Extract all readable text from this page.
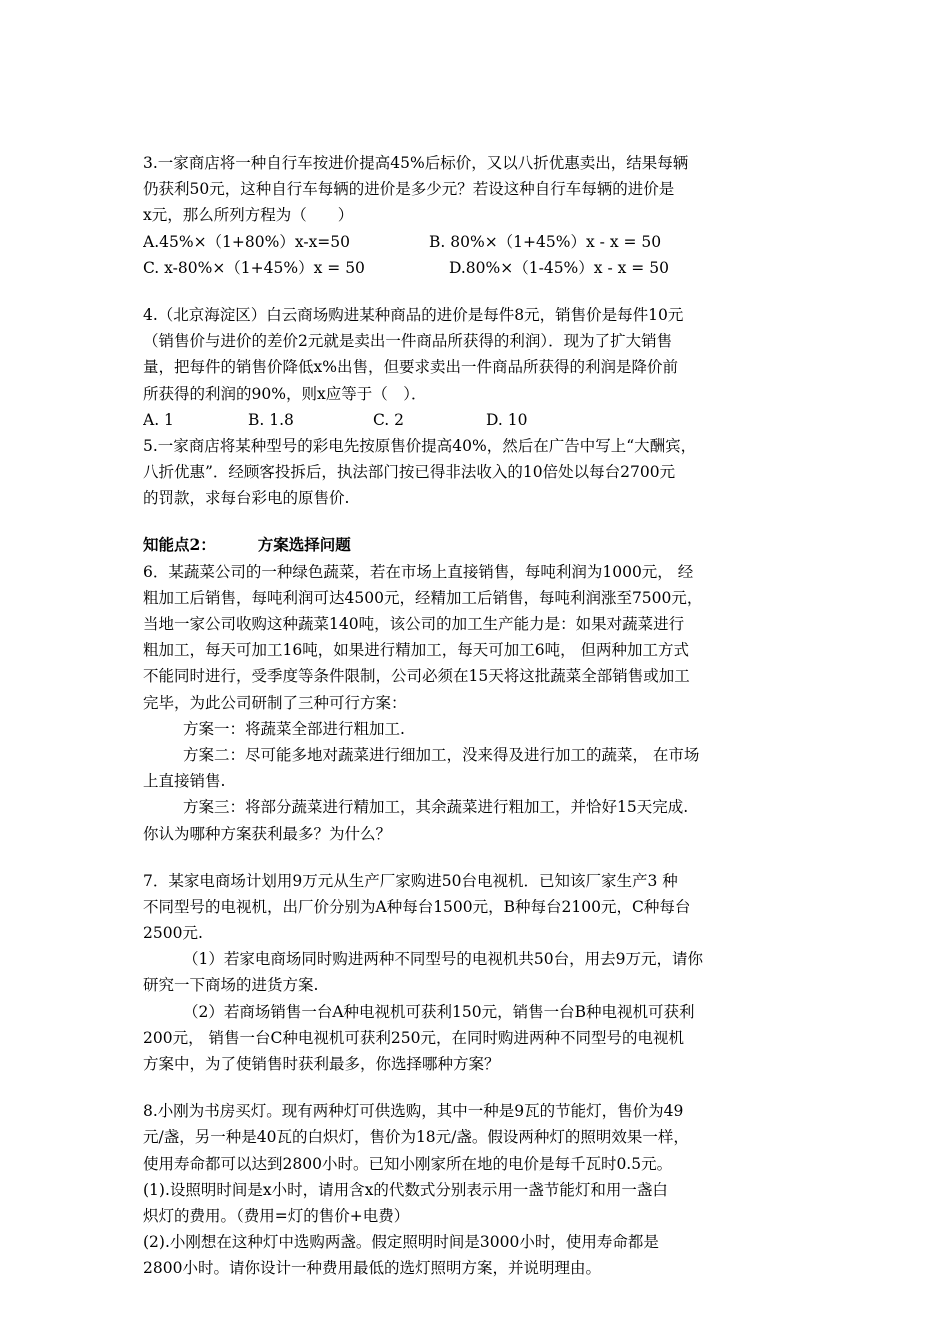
3.一家商店将一种自行车按进价提高45%后标价，又以八折优惠卖出，结果每辆
仍获利50元，这种自行车每辆的进价是多少元？若设这种自行车每辆的进价是
x元，那么所列方程为（　　）
A.45%×（1+80%）x-x=50	B. 80%×（1+45%）x - x = 50
C. x-80%×（1+45%）x = 50	D.80%×（1-45%）x - x = 50
4.（北京海淀区）白云商场购进某种商品的进价是每件8元，销售价是每件10元
（销售价与进价的差价2元就是卖出一件商品所获得的利润）．现为了扩大销售
量，把每件的销售价降低x%出售，但要求卖出一件商品所获得的利润是降价前
所获得的利润的90%，则x应等于（　）．
A. 1	B. 1.8	C. 2	D. 10
5.一家商店将某种型号的彩电先按原售价提高40%，然后在广告中写上“大酬宾，
八折优惠”．经顾客投拆后，执法部门按已得非法收入的10倍处以每台2700元
的罚款，求每台彩电的原售价.
知能点2：	方案选择问题
6．某蔬菜公司的一种绿色蔬菜，若在市场上直接销售，每吨利润为1000元， 经
粗加工后销售，每吨利润可达4500元，经精加工后销售，每吨利润涨至7500元，
当地一家公司收购这种蔬菜140吨，该公司的加工生产能力是：如果对蔬菜进行
粗加工，每天可加工16吨，如果进行精加工，每天可加工6吨， 但两种加工方式
不能同时进行，受季度等条件限制，公司必须在15天将这批蔬菜全部销售或加工
完毕，为此公司研制了三种可行方案：
方案一：将蔬菜全部进行粗加工.
方案二：尽可能多地对蔬菜进行细加工，没来得及进行加工的蔬菜， 在市场
上直接销售.
方案三：将部分蔬菜进行精加工，其余蔬菜进行粗加工，并恰好15天完成.
你认为哪种方案获利最多？为什么？
7．某家电商场计划用9万元从生产厂家购进50台电视机．已知该厂家生产3 种
不同型号的电视机，出厂价分别为A种每台1500元，B种每台2100元，C种每台
2500元.
（1）若家电商场同时购进两种不同型号的电视机共50台，用去9万元，请你
研究一下商场的进货方案.
（2）若商场销售一台A种电视机可获利150元，销售一台B种电视机可获利
200元， 销售一台C种电视机可获利250元，在同时购进两种不同型号的电视机
方案中，为了使销售时获利最多，你选择哪种方案？
8.小刚为书房买灯。现有两种灯可供选购，其中一种是9瓦的节能灯，售价为49
元/盏，另一种是40瓦的白炽灯，售价为18元/盏。假设两种灯的照明效果一样，
使用寿命都可以达到2800小时。已知小刚家所在地的电价是每千瓦时0.5元。
(1).设照明时间是x小时，请用含x的代数式分别表示用一盏节能灯和用一盏白
炽灯的费用。（费用=灯的售价+电费）
(2).小刚想在这种灯中选购两盏。假定照明时间是3000小时，使用寿命都是
2800小时。请你设计一种费用最低的选灯照明方案，并说明理由。
